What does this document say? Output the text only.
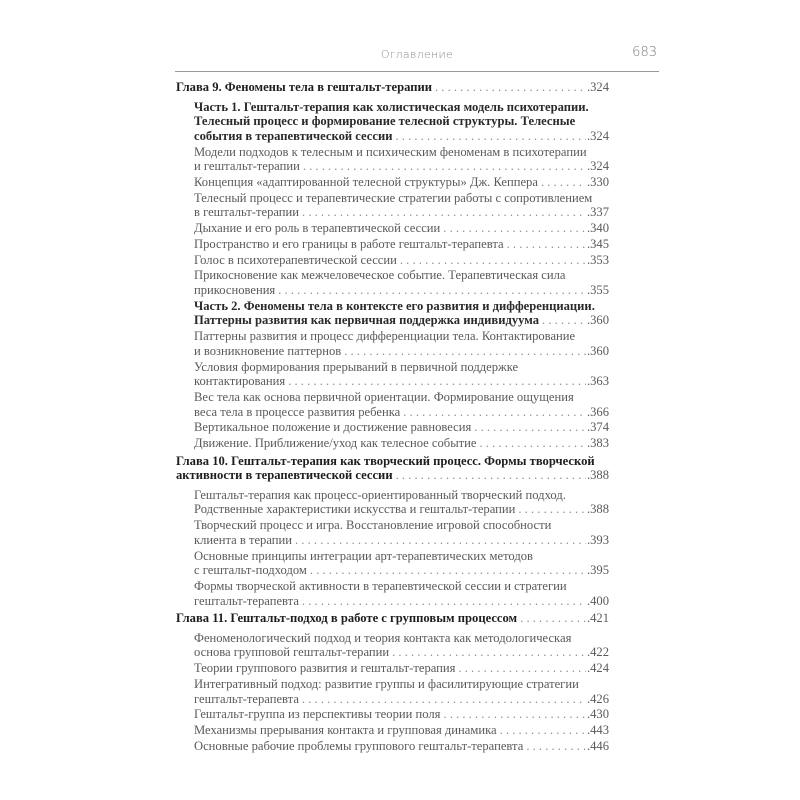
Оглавление	683
Глава 9. Феномены тела в гештальт-терапии . . .	.324
Часть 1. Гештальт-терапия как холистическая модель психотерапии.
Телесный процесс и формирование телесной структуры. Телесные
события в терапевтической сессии . . .	.324
Модели подходов к телесным и психическим феноменам в психотерапии
и гештальт-терапии . . .	.324
Концепция «адаптированной телесной структуры» Дж. Кеппера . . .	.330
Телесный процесс и терапевтические стратегии работы с сопротивлением
в гештальт-терапии . . .	.337
Дыхание и его роль в терапевтической сессии . . .	.340
Пространство и его границы в работе гештальт-терапевта . . .	.345
Голос в психотерапевтической сессии . . .	.353
Прикосновение как межчеловеческое событие. Терапевтическая сила
прикосновения . . .	.355
Часть 2. Феномены тела в контексте его развития и дифференциации.
Паттерны развития как первичная поддержка индивидуума . . .	.360
Паттерны развития и процесс дифференциации тела. Контактирование
и возникновение паттернов . . .	.360
Условия формирования прерываний в первичной поддержке
контактирования . . .	.363
Вес тела как основа первичной ориентации. Формирование ощущения
веса тела в процессе развития ребенка . . .	.366
Вертикальное положение и достижение равновесия . . .	.374
Движение. Приближение/уход как телесное событие . . .	.383
Глава 10. Гештальт-терапия как творческий процесс. Формы творческой
активности в терапевтической сессии . . .	.388
Гештальт-терапия как процесс-ориентированный творческий подход.
Родственные характеристики искусства и гештальт-терапии . . .	.388
Творческий процесс и игра. Восстановление игровой способности
клиента в терапии . . .	.393
Основные принципы интеграции арт-терапевтических методов
с гештальт-подходом . . .	.395
Формы творческой активности в терапевтической сессии и стратегии
гештальт-терапевта . . .	.400
Глава 11. Гештальт-подход в работе с групповым процессом . . .	.421
Феноменологический подход и теория контакта как методологическая
основа групповой гештальт-терапии . . .	.422
Теории группового развития и гештальт-терапия . . .	.424
Интегративный подход: развитие группы и фасилитирующие стратегии
гештальт-терапевта . . .	.426
Гештальт-группа из перспективы теории поля . . .	.430
Механизмы прерывания контакта и групповая динамика . . .	.443
Основные рабочие проблемы группового гештальт-терапевта . . .	.446
